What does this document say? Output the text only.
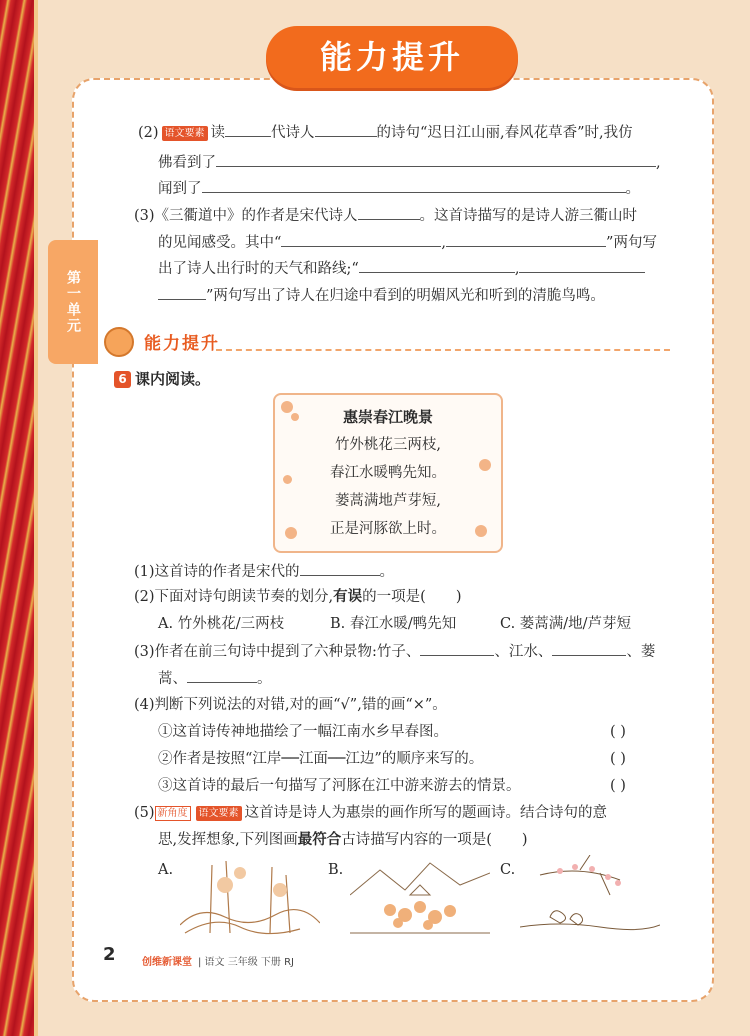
能力提升
第一单元
(2) 语文要素 读	代诗人	的诗句“迟日江山丽,春风花草香”时,我仿
佛看到了	,
闻到了	。
(3)《三衢道中》的作者是宋代诗人	。这首诗描写的是诗人游三衢山时
的见闻感受。其中“	,	”两句写
出了诗人出行时的天气和路线;“	,
”两句写出了诗人在归途中看到的明媚风光和听到的清脆鸟鸣。
能力提升
6 课内阅读。
惠崇春江晚景
竹外桃花三两枝,
春江水暖鸭先知。
蒌蒿满地芦芽短,
正是河豚欲上时。
(1)这首诗的作者是宋代的	。
(2)下面对诗句朗读节奏的划分,有误的一项是( )
A. 竹外桃花/三两枝	B. 春江水暖/鸭先知	C. 蒌蒿满/地/芦芽短
(3)作者在前三句诗中提到了六种景物:竹子、	、江水、	、蒌
蒿、	。
(4)判断下列说法的对错,对的画“√”,错的画“×”。
①这首诗传神地描绘了一幅江南水乡早春图。	( )
②作者是按照“江岸──江面──江边”的顺序来写的。	( )
③这首诗的最后一句描写了河豚在江中游来游去的情景。	( )
(5) 新角度 语文要素 这首诗是诗人为惠崇的画作所写的题画诗。结合诗句的意
思,发挥想象,下列图画最符合古诗描写内容的一项是( )
A.	B.	C.
2	创维新课堂 | 语文 三年级 下册 RJ
